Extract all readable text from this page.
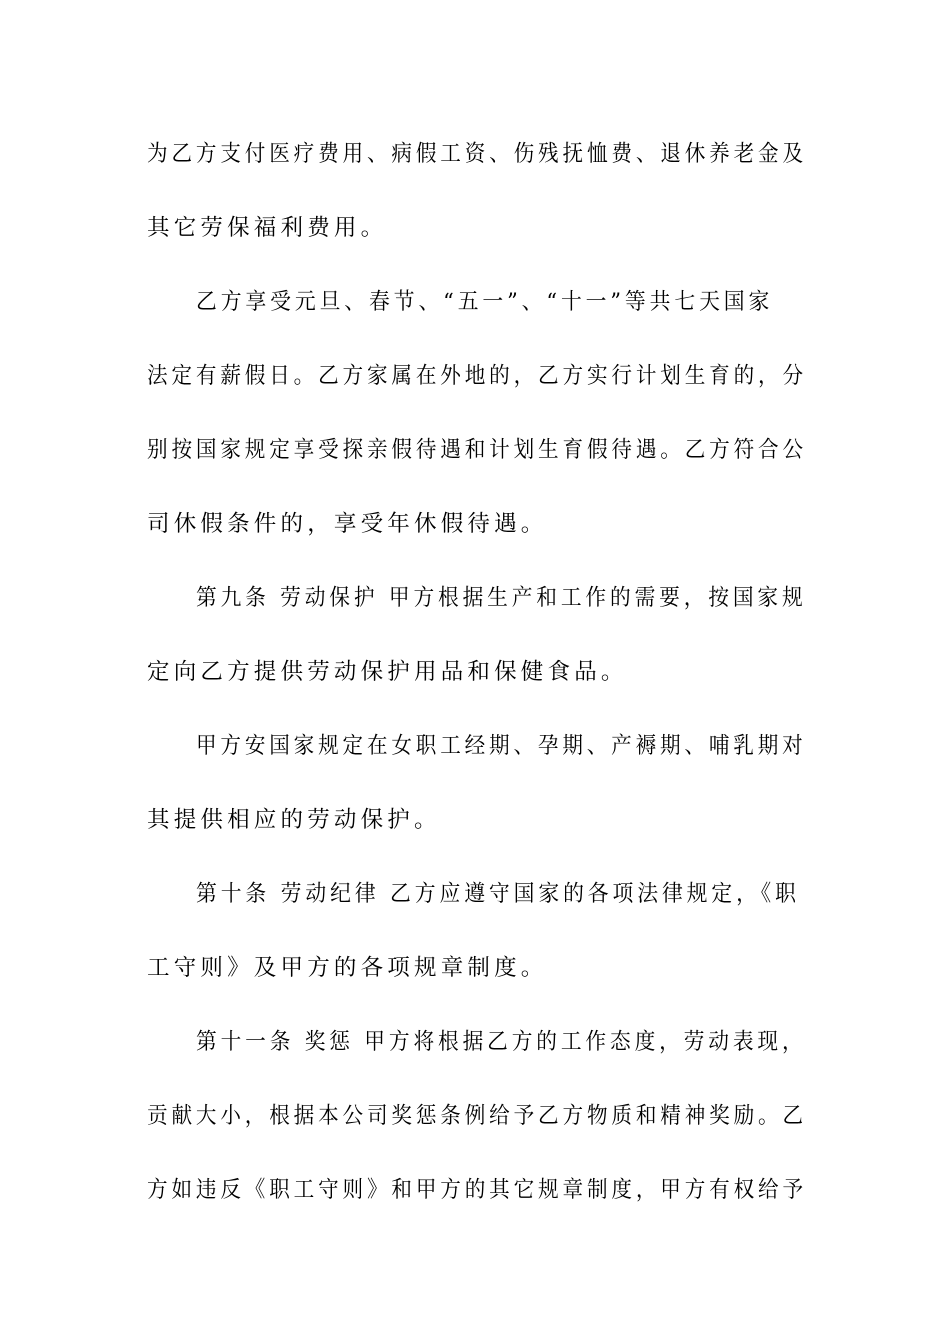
为乙方支付医疗费用、病假工资、伤残抚恤费、退休养老金及
其它劳保福利费用。
乙方享受元旦、春节、“五一”、“十一”等共七天国家
法定有薪假日。乙方家属在外地的，乙方实行计划生育的，分
别按国家规定享受探亲假待遇和计划生育假待遇。乙方符合公
司休假条件的，享受年休假待遇。
第九条 劳动保护 甲方根据生产和工作的需要，按国家规
定向乙方提供劳动保护用品和保健食品。
甲方安国家规定在女职工经期、孕期、产褥期、哺乳期对
其提供相应的劳动保护。
第十条 劳动纪律 乙方应遵守国家的各项法律规定，《职
工守则》及甲方的各项规章制度。
第十一条 奖惩 甲方将根据乙方的工作态度，劳动表现，
贡献大小，根据本公司奖惩条例给予乙方物质和精神奖励。乙
方如违反《职工守则》和甲方的其它规章制度，甲方有权给予
